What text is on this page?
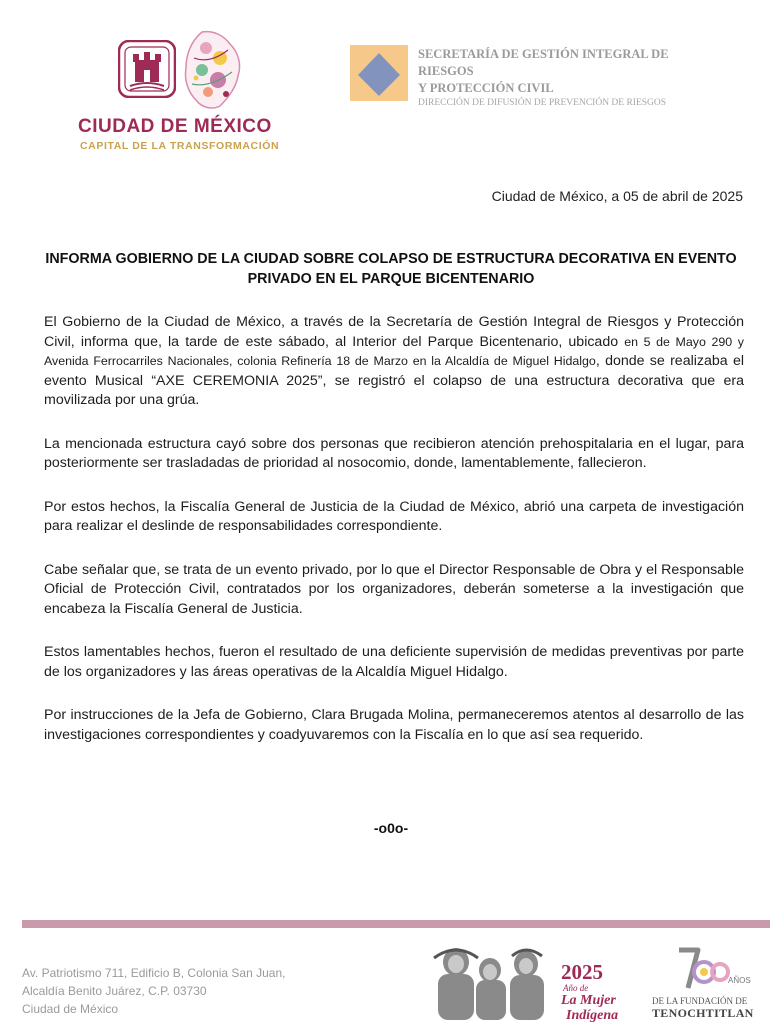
CIUDAD DE MÉXICO
CAPITAL DE LA TRANSFORMACIÓN
SECRETARÍA DE GESTIÓN INTEGRAL DE
RIESGOS
Y PROTECCIÓN CIVIL
DIRECCIÓN DE DIFUSIÓN DE PREVENCIÓN DE RIESGOS
Ciudad de México, a 05 de abril de 2025
INFORMA GOBIERNO DE LA CIUDAD SOBRE COLAPSO DE ESTRUCTURA DECORATIVA EN EVENTO PRIVADO EN EL PARQUE BICENTENARIO

El Gobierno de la Ciudad de México, a través de la Secretaría de Gestión Integral de Riesgos y Protección Civil, informa que, la tarde de este sábado, al Interior del Parque Bicentenario, ubicado en 5 de Mayo 290 y Avenida Ferrocarriles Nacionales, colonia Refinería 18 de Marzo en la Alcaldía de Miguel Hidalgo, donde se realizaba el evento Musical “AXE CEREMONIA 2025”, se registró el colapso de una estructura decorativa que era movilizada por una grúa.

La mencionada estructura cayó sobre dos personas que recibieron atención prehospitalaria en el lugar, para posteriormente ser trasladadas de prioridad al nosocomio, donde, lamentablemente, fallecieron.

Por estos hechos, la Fiscalía General de Justicia de la Ciudad de México, abrió una carpeta de investigación para realizar el deslinde de responsabilidades correspondiente.

Cabe señalar que, se trata de un evento privado, por lo que el Director Responsable de Obra y el Responsable Oficial de Protección Civil, contratados por los organizadores, deberán someterse a la investigación que encabeza la Fiscalía General de Justicia.

Estos lamentables hechos, fueron el resultado de una deficiente supervisión de medidas preventivas por parte de los organizadores y las áreas operativas de la Alcaldía Miguel Hidalgo.

Por instrucciones de la Jefa de Gobierno, Clara Brugada Molina, permaneceremos atentos al desarrollo de las investigaciones correspondientes y coadyuvaremos con la Fiscalía en lo que así sea requerido.

-o0o-
Av. Patriotismo 711, Edificio B, Colonia San Juan,
Alcaldía Benito Juárez, C.P. 03730
Ciudad de México
2025
Año de
La Mujer
Indígena
AÑOS
DE LA FUNDACIÓN DE
TENOCHTITLAN
